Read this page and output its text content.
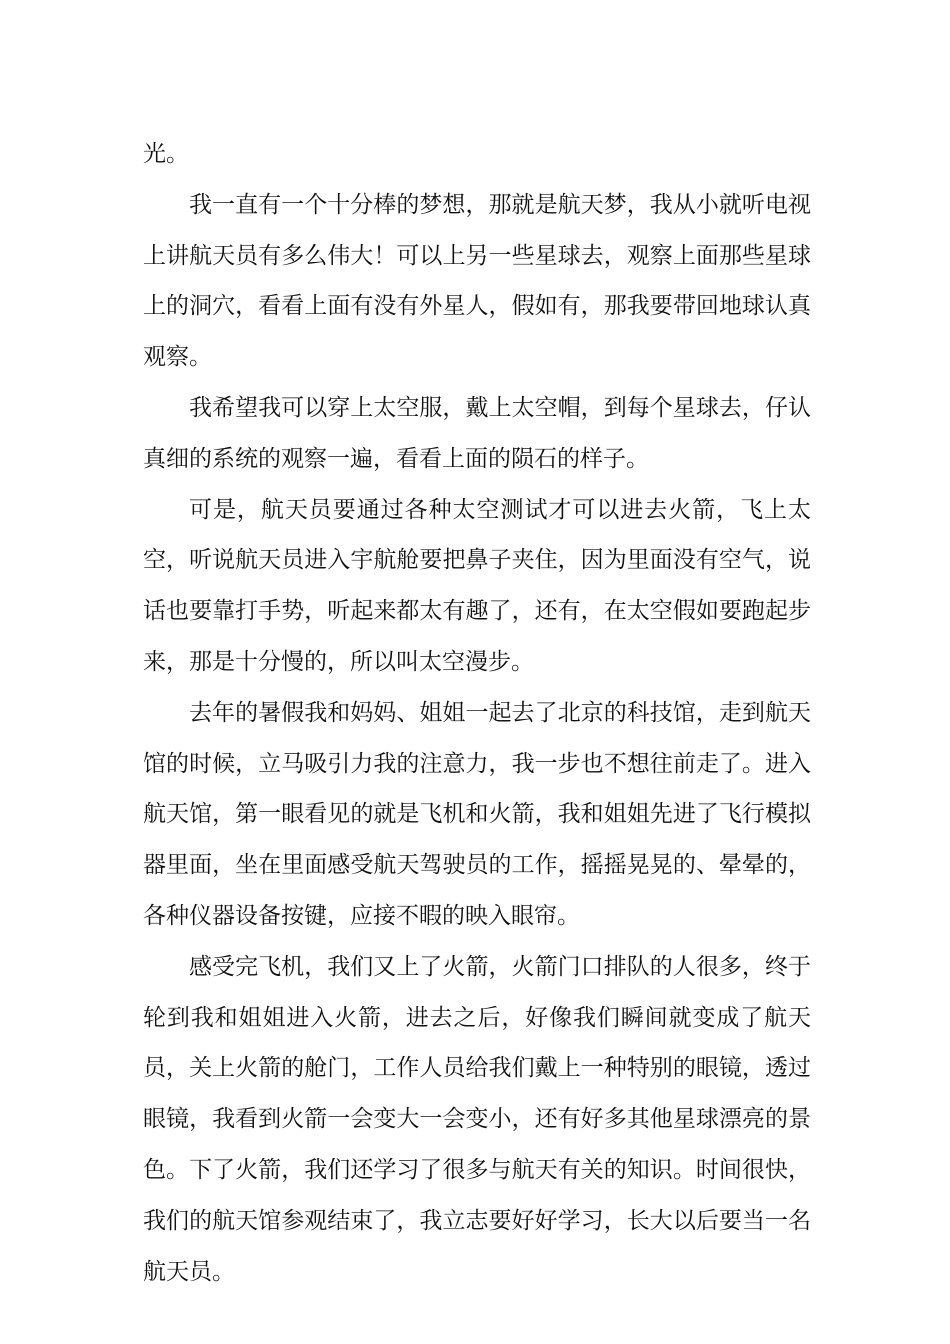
光。

我一直有一个十分棒的梦想，那就是航天梦，我从小就听电视上讲航天员有多么伟大！可以上另一些星球去，观察上面那些星球上的洞穴，看看上面有没有外星人，假如有，那我要带回地球认真观察。

我希望我可以穿上太空服，戴上太空帽，到每个星球去，仔认真细的系统的观察一遍，看看上面的陨石的样子。

可是，航天员要通过各种太空测试才可以进去火箭，飞上太空，听说航天员进入宇航舱要把鼻子夹住，因为里面没有空气，说话也要靠打手势，听起来都太有趣了，还有，在太空假如要跑起步来，那是十分慢的，所以叫太空漫步。

去年的暑假我和妈妈、姐姐一起去了北京的科技馆，走到航天馆的时候，立马吸引力我的注意力，我一步也不想往前走了。进入航天馆，第一眼看见的就是飞机和火箭，我和姐姐先进了飞行模拟器里面，坐在里面感受航天驾驶员的工作，摇摇晃晃的、晕晕的，各种仪器设备按键，应接不暇的映入眼帘。

感受完飞机，我们又上了火箭，火箭门口排队的人很多，终于轮到我和姐姐进入火箭，进去之后，好像我们瞬间就变成了航天员，关上火箭的舱门，工作人员给我们戴上一种特别的眼镜，透过眼镜，我看到火箭一会变大一会变小，还有好多其他星球漂亮的景色。下了火箭，我们还学习了很多与航天有关的知识。时间很快，我们的航天馆参观结束了，我立志要好好学习，长大以后要当一名航天员。
